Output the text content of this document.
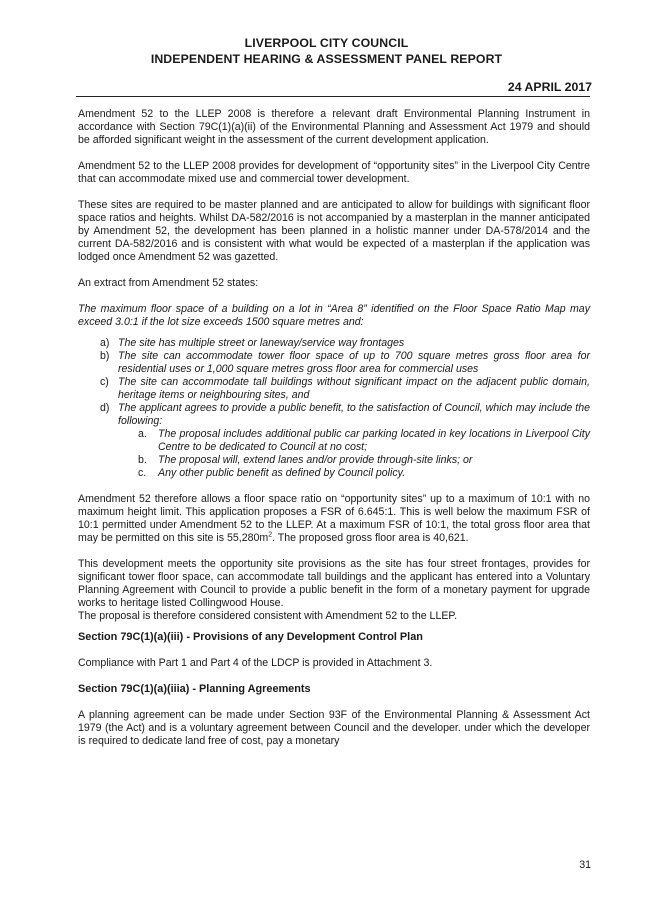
LIVERPOOL CITY COUNCIL
INDEPENDENT HEARING & ASSESSMENT PANEL REPORT
24 APRIL 2017

Amendment 52 to the LLEP 2008 is therefore a relevant draft Environmental Planning Instrument in accordance with Section 79C(1)(a)(ii) of the Environmental Planning and Assessment Act 1979 and should be afforded significant weight in the assessment of the current development application.

Amendment 52 to the LLEP 2008 provides for development of “opportunity sites” in the Liverpool City Centre that can accommodate mixed use and commercial tower development.

These sites are required to be master planned and are anticipated to allow for buildings with significant floor space ratios and heights. Whilst DA-582/2016 is not accompanied by a masterplan in the manner anticipated by Amendment 52, the development has been planned in a holistic manner under DA-578/2014 and the current DA-582/2016 and is consistent with what would be expected of a masterplan if the application was lodged once Amendment 52 was gazetted.

An extract from Amendment 52 states:

The maximum floor space of a building on a lot in “Area 8” identified on the Floor Space Ratio Map may exceed 3.0:1 if the lot size exceeds 1500 square metres and:

a) The site has multiple street or laneway/service way frontages
b) The site can accommodate tower floor space of up to 700 square metres gross floor area for residential uses or 1,000 square metres gross floor area for commercial uses
c) The site can accommodate tall buildings without significant impact on the adjacent public domain, heritage items or neighbouring sites, and
d) The applicant agrees to provide a public benefit, to the satisfaction of Council, which may include the following:
a. The proposal includes additional public car parking located in key locations in Liverpool City Centre to be dedicated to Council at no cost;
b. The proposal will, extend lanes and/or provide through-site links; or
c. Any other public benefit as defined by Council policy.

Amendment 52 therefore allows a floor space ratio on “opportunity sites” up to a maximum of 10:1 with no maximum height limit. This application proposes a FSR of 6.645:1. This is well below the maximum FSR of 10:1 permitted under Amendment 52 to the LLEP. At a maximum FSR of 10:1, the total gross floor area that may be permitted on this site is $55,280m^2$. The proposed gross floor area is 40,621.

This development meets the opportunity site provisions as the site has four street frontages, provides for significant tower floor space, can accommodate tall buildings and the applicant has entered into a Voluntary Planning Agreement with Council to provide a public benefit in the form of a monetary payment for upgrade works to heritage listed Collingwood House.

The proposal is therefore considered consistent with Amendment 52 to the LLEP.

Section 79C(1)(a)(iii) - Provisions of any Development Control Plan

Compliance with Part 1 and Part 4 of the LDCP is provided in Attachment 3.

Section 79C(1)(a)(iiia) - Planning Agreements

A planning agreement can be made under Section 93F of the Environmental Planning & Assessment Act 1979 (the Act) and is a voluntary agreement between Council and the developer. under which the developer is required to dedicate land free of cost, pay a monetary

31
